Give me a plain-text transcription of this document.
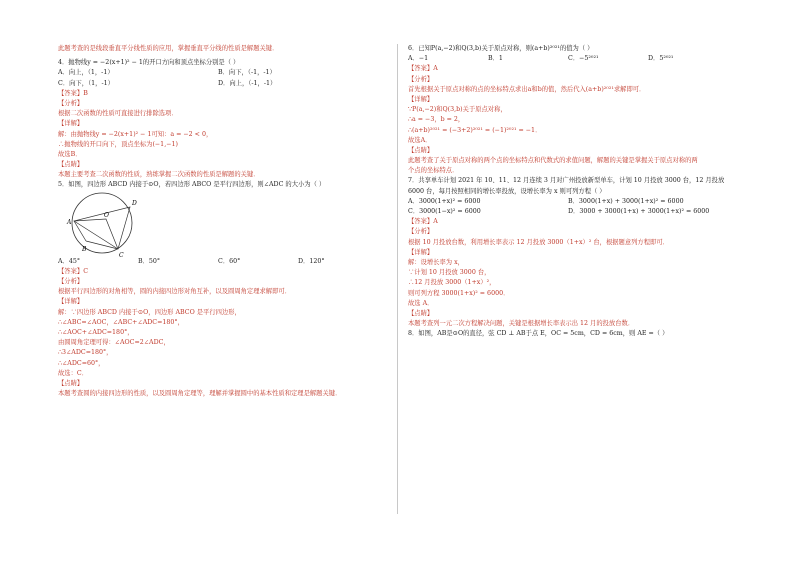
此题考查的是线段垂直平分线性质的应用，掌握垂直平分线的性质是解题关键．
4．抛物线y = −2(x+1)² − 1的开口方向和顶点坐标分别是（ ）
A．向上，（1，-1）	B．向下，（-1，-1）
C．向下，（1，-1）	D．向上，（-1，-1）
【答案】B
【分析】
根据二次函数的性质可直接进行排除选项．
【详解】
解：由抛物线y = −2(x+1)² − 1可知：a = −2 < 0，
∴抛物线的开口向下，顶点坐标为(−1,−1)
故选B．
【点睛】
本题主要考查二次函数的性质，熟练掌握二次函数的性质是解题的关键．
5．如图，四边形 ABCD 内接于⊙O，若四边形 ABCO 是平行四边形，则∠ADC 的大小为（ ）
A
B
C
D
O
A．45°	B．50°	C．60°	D．120°
【答案】C
【分析】
根据平行四边形的对角相等，圆的内接四边形对角互补，以及圆周角定理求解即可．
【详解】
解：∵四边形 ABCD 内接于⊙O，四边形 ABCO 是平行四边形，
∴∠ABC=∠AOC，∠ABC+∠ADC=180°，
∴∠AOC+∠ADC=180°，
由圆周角定理可得：∠AOC=2∠ADC，
∴3∠ADC=180°，
∴∠ADC=60°，
故选：C．
【点睛】
本题考查圆的内接四边形的性质，以及圆周角定理等，理解并掌握圆中的基本性质和定理是解题关键．
6．已知P(a,−2)和Q(3,b)关于原点对称，则(a+b)²⁰²¹的值为（ ）
A．−1	B．1	C．−5²⁰²¹	D．5²⁰²¹
【答案】A
【分析】
首先根据关于原点对称的点的坐标特点求出a和b的值，然后代入(a+b)²⁰²¹求解即可．
【详解】
∵P(a,−2)和Q(3,b)关于原点对称，
∴a = −3，b = 2，
∴(a+b)²⁰²¹ = (−3+2)²⁰²¹ = (−1)²⁰²¹ = −1．
故选A．
【点睛】
此题考查了关于原点对称的两个点的坐标特点和代数式的求值问题，解题的关键是掌握关于原点对称的两
个点的坐标特点．
7．共享单车计划 2021 年 10、11、12 月连续 3 月对广州投放新型单车，计划 10 月投放 3000 台，12 月投放
6000 台，每月按照相同的增长率投放，设增长率为 x 则可列方程（ ）
A．3000(1+x)² = 6000	B．3000(1+x) + 3000(1+x)² = 6000
C．3000(1−x)² = 6000	D．3000 + 3000(1+x) + 3000(1+x)² = 6000
【答案】A
【分析】
根据 10 月投放台数，利用增长率表示 12 月投放 3000（1+x）² 台，根据题意列方程即可．
【详解】
解：设增长率为 x，
∵计划 10 月投放 3000 台，
∴12 月投放 3000（1+x）²，
则可列方程 3000(1+x)² = 6000．
故选 A．
【点睛】
本题考查列一元二次方程解决问题，关键是根据增长率表示出 12 月的投放台数．
8．如图，AB是⊙O的直径，弦 CD ⊥ AB于点 E，OC = 5cm，CD = 6cm，则 AE =（ ）
